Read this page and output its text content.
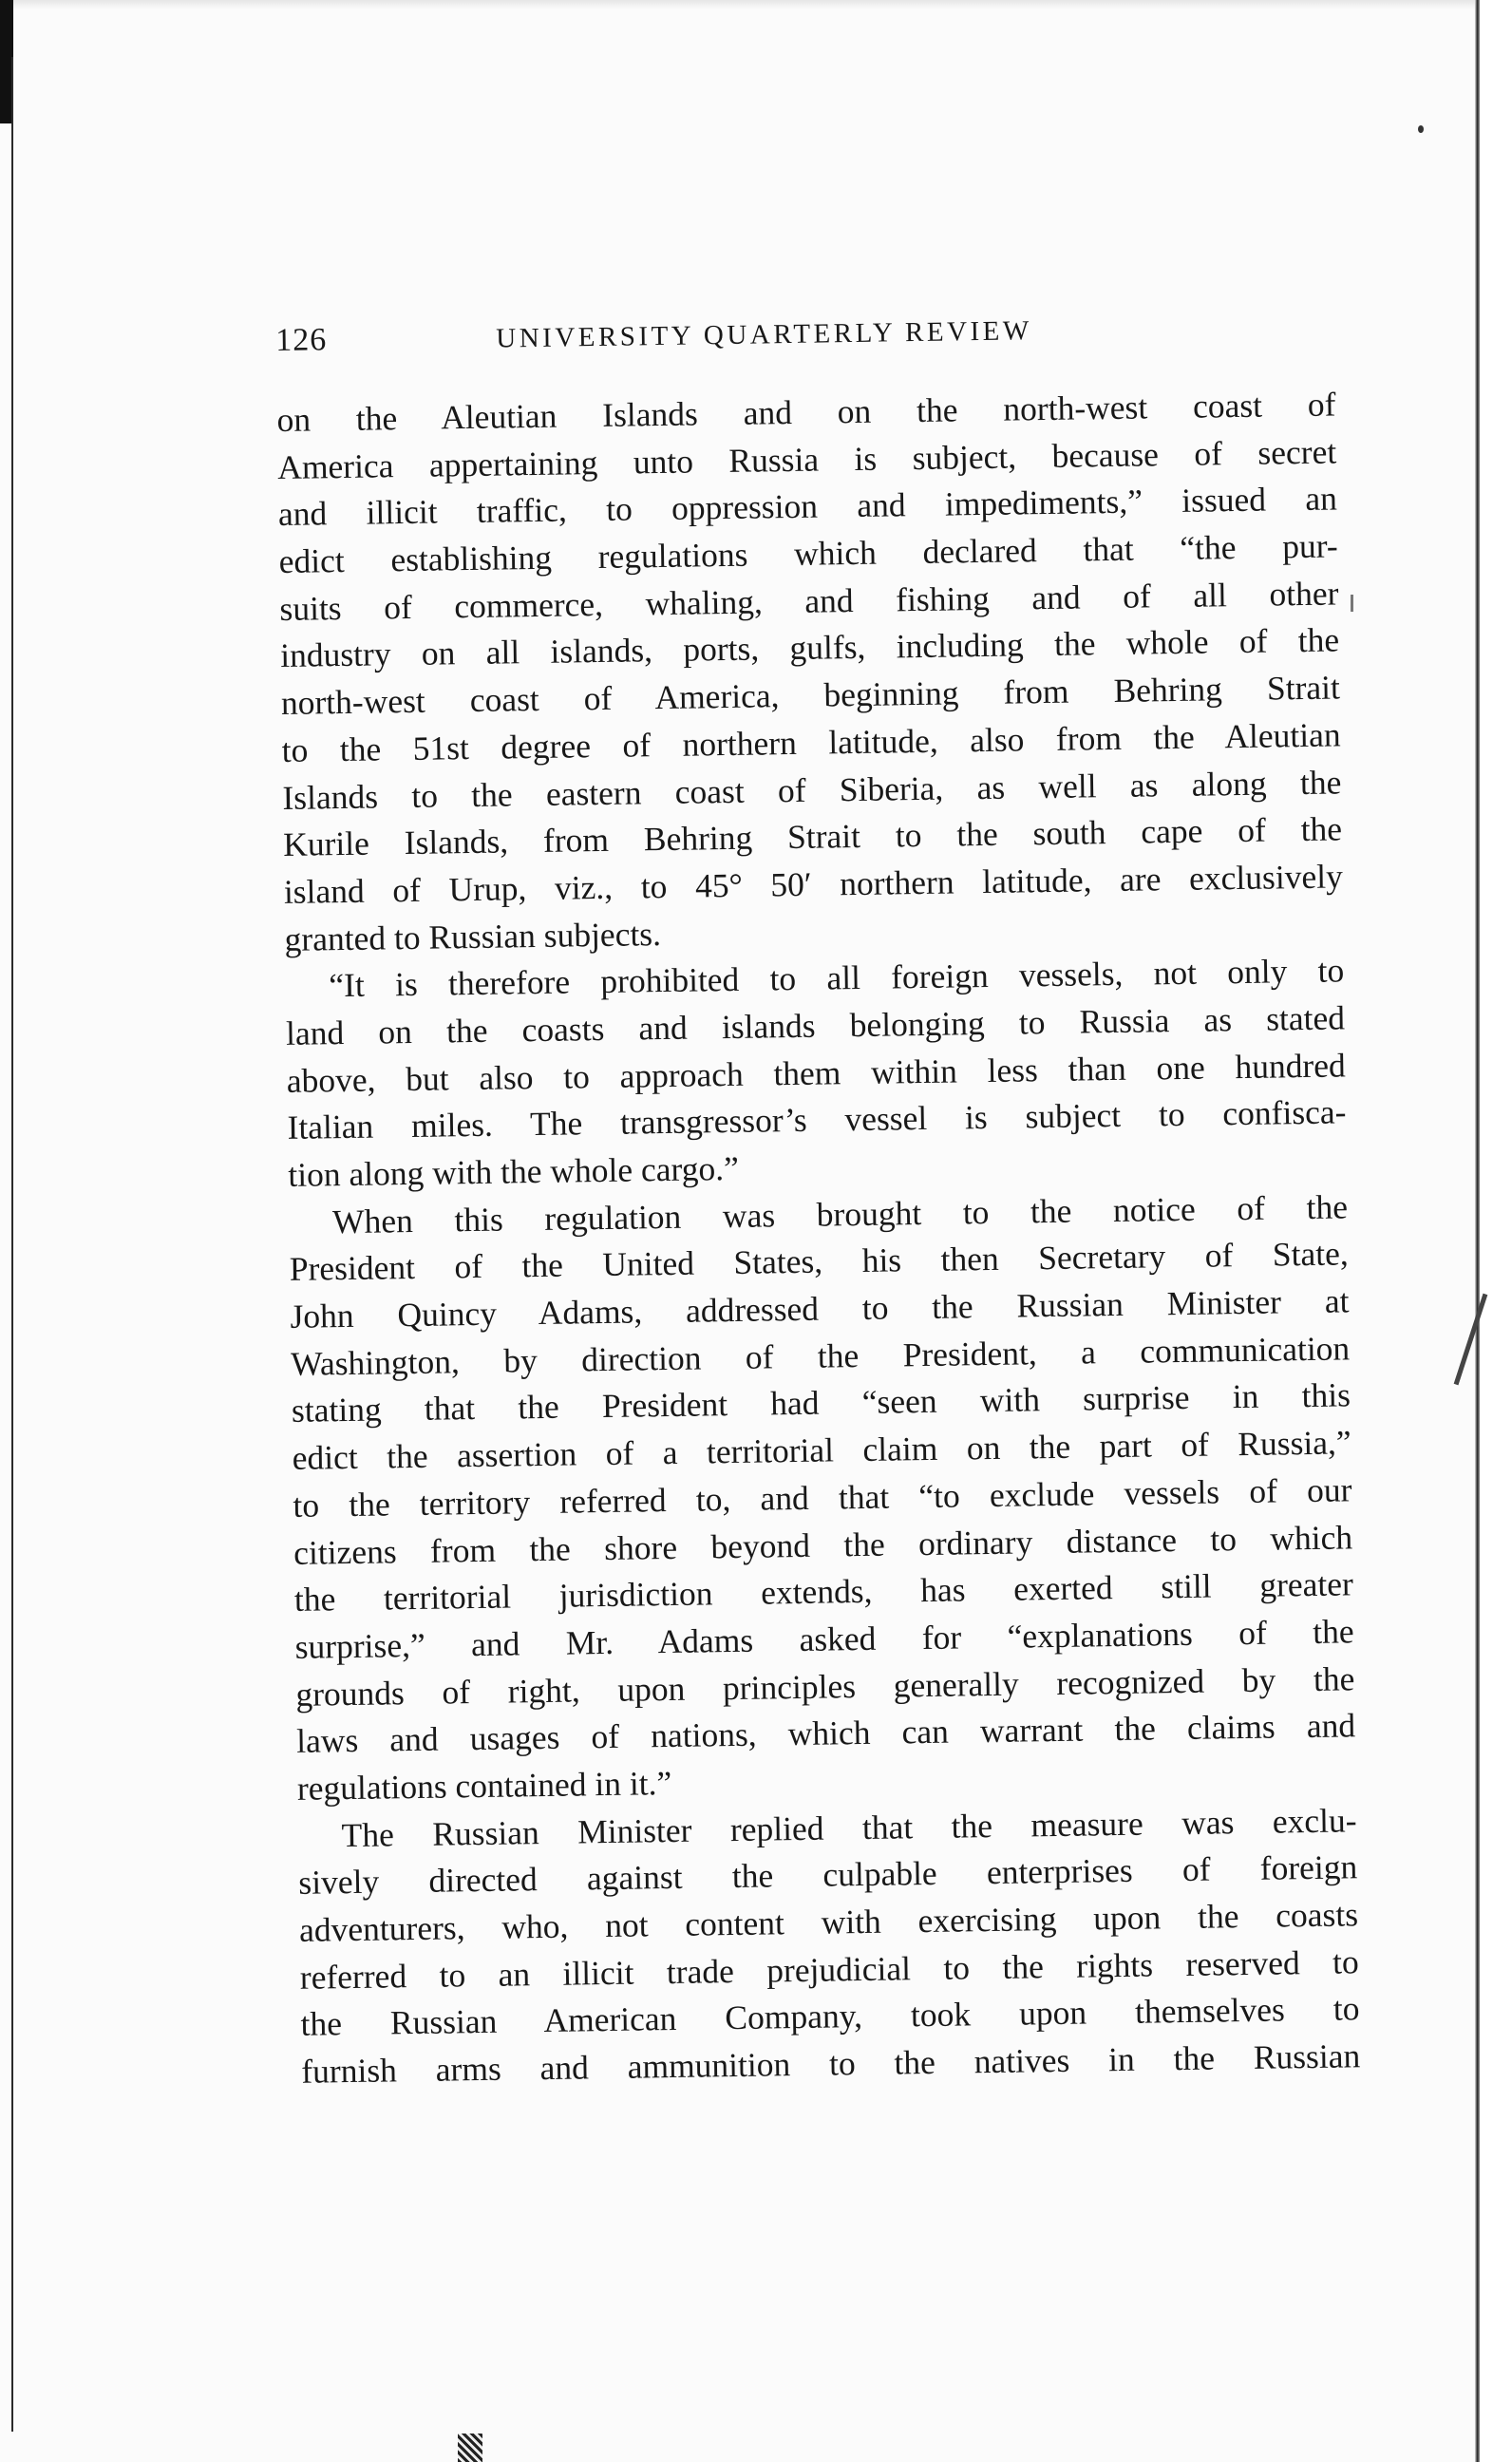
126	UNIVERSITY QUARTERLY REVIEW
on the Aleutian Islands and on the north-west coast of
America appertaining unto Russia is subject, because of secret
and illicit traffic, to oppression and impediments,” issued an
edict establishing regulations which declared that “the pur-
suits of commerce, whaling, and fishing and of all other
industry on all islands, ports, gulfs, including the whole of the
north-west coast of America, beginning from Behring Strait
to the 51st degree of northern latitude, also from the Aleutian
Islands to the eastern coast of Siberia, as well as along the
Kurile Islands, from Behring Strait to the south cape of the
island of Urup, viz., to 45° 50′ northern latitude, are exclusively
granted to Russian subjects.
“It is therefore prohibited to all foreign vessels, not only to
land on the coasts and islands belonging to Russia as stated
above, but also to approach them within less than one hundred
Italian miles. The transgressor’s vessel is subject to confisca-
tion along with the whole cargo.”
When this regulation was brought to the notice of the
President of the United States, his then Secretary of State,
John Quincy Adams, addressed to the Russian Minister at
Washington, by direction of the President, a communication
stating that the President had “seen with surprise in this
edict the assertion of a territorial claim on the part of Russia,”
to the territory referred to, and that “to exclude vessels of our
citizens from the shore beyond the ordinary distance to which
the territorial jurisdiction extends, has exerted still greater
surprise,” and Mr. Adams asked for “explanations of the
grounds of right, upon principles generally recognized by the
laws and usages of nations, which can warrant the claims and
regulations contained in it.”
The Russian Minister replied that the measure was exclu-
sively directed against the culpable enterprises of foreign
adventurers, who, not content with exercising upon the coasts
referred to an illicit trade prejudicial to the rights reserved to
the Russian American Company, took upon themselves to
furnish arms and ammunition to the natives in the Russian
